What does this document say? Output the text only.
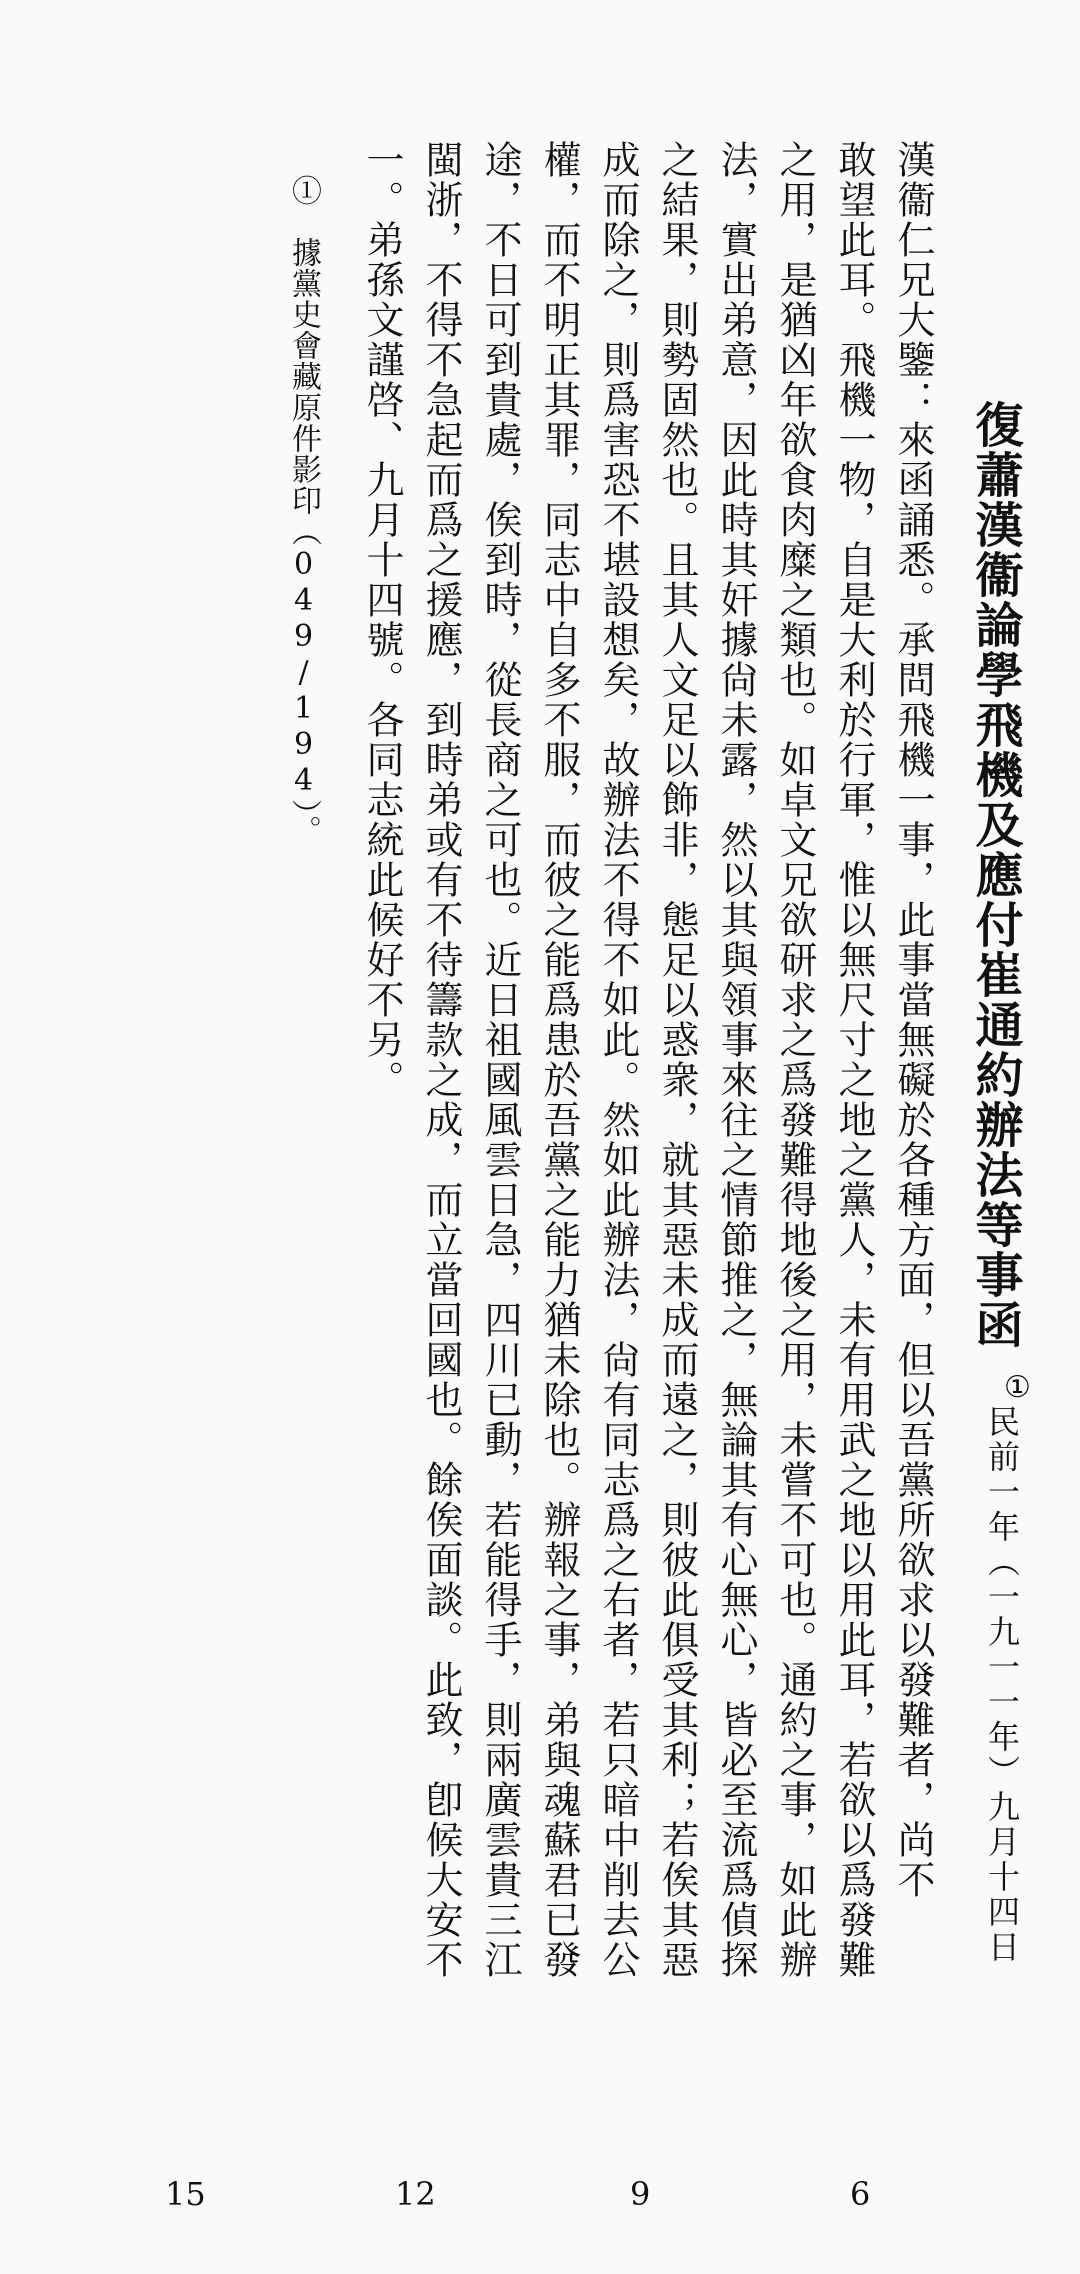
復蕭漢衞論學飛機及應付崔通約辦法等事函
①
民前一年（一九一一年）九月十四日
漢衞仁兄大鑒：來函誦悉。承問飛機一事，此事當無礙於各種方面，但以吾黨所欲求以發難者，尚不
敢望此耳。飛機一物，自是大利於行軍，惟以無尺寸之地之黨人，未有用武之地以用此耳，若欲以爲發難
之用，是猶凶年欲食肉糜之類也。如卓文兄欲研求之爲發難得地後之用，未嘗不可也。通約之事，如此辦
法，實出弟意，因此時其奸據尙未露，然以其與領事來往之情節推之，無論其有心無心，皆必至流爲偵探
之結果，則勢固然也。且其人文足以飾非，態足以惑衆，就其惡未成而遠之，則彼此俱受其利；若俟其惡
成而除之，則爲害恐不堪設想矣，故辦法不得不如此。然如此辦法，尙有同志爲之右者，若只暗中削去公
權，而不明正其罪，同志中自多不服，而彼之能爲患於吾黨之能力猶未除也。辦報之事，弟與魂蘇君已發
途，不日可到貴處，俟到時，從長商之可也。近日祖國風雲日急，四川已動，若能得手，則兩廣雲貴三江
閩浙，不得不急起而爲之援應，到時弟或有不待籌款之成，而立當回國也。餘俟面談。此致，卽候大安不
一。弟孫文謹啓、九月十四號。各同志統此候好不另。
①　據黨史會藏原件影印（049/194）。
6
9
12
15
